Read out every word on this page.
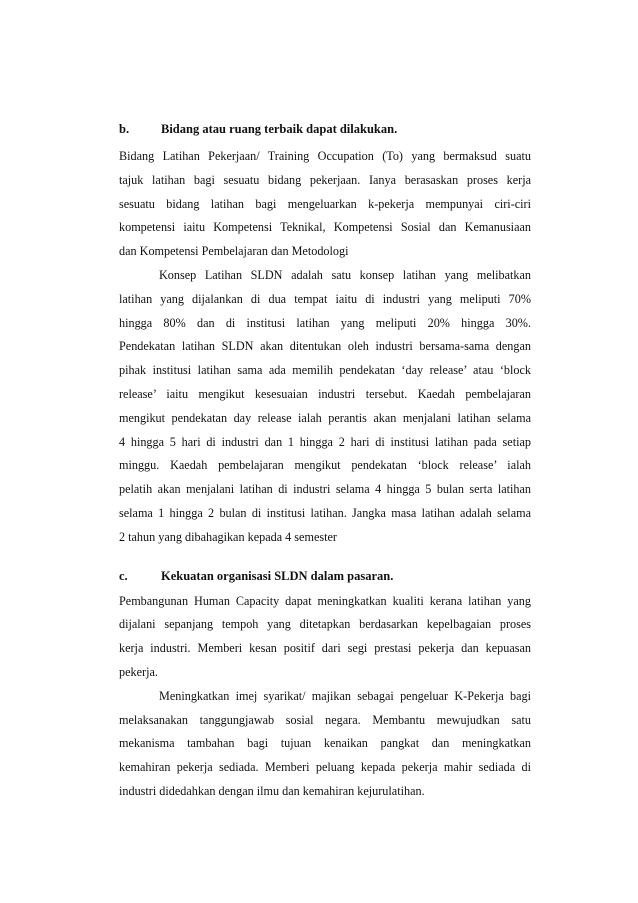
b.	Bidang atau ruang terbaik dapat dilakukan.
Bidang Latihan Pekerjaan/ Training Occupation (To) yang bermaksud suatu
tajuk latihan bagi sesuatu bidang pekerjaan. Ianya berasaskan proses kerja
sesuatu bidang latihan bagi mengeluarkan k-pekerja mempunyai ciri-ciri
kompetensi iaitu Kompetensi Teknikal, Kompetensi Sosial dan Kemanusiaan
dan Kompetensi Pembelajaran dan Metodologi
Konsep Latihan SLDN adalah satu konsep latihan yang melibatkan
latihan yang dijalankan di dua tempat iaitu di industri yang meliputi 70%
hingga 80% dan di institusi latihan yang meliputi 20% hingga 30%.
Pendekatan latihan SLDN akan ditentukan oleh industri bersama-sama dengan
pihak institusi latihan sama ada memilih pendekatan ‘day release’ atau ‘block
release’ iaitu mengikut kesesuaian industri tersebut. Kaedah pembelajaran
mengikut pendekatan day release ialah perantis akan menjalani latihan selama
4 hingga 5 hari di industri dan 1 hingga 2 hari di institusi latihan pada setiap
minggu. Kaedah pembelajaran mengikut pendekatan ‘block release’ ialah
pelatih akan menjalani latihan di industri selama 4 hingga 5 bulan serta latihan
selama 1 hingga 2 bulan di institusi latihan. Jangka masa latihan adalah selama
2 tahun yang dibahagikan kepada 4 semester
c.	Kekuatan organisasi SLDN dalam pasaran.
Pembangunan Human Capacity dapat meningkatkan kualiti kerana latihan yang
dijalani sepanjang tempoh yang ditetapkan berdasarkan kepelbagaian proses
kerja industri. Memberi kesan positif dari segi prestasi pekerja dan kepuasan
pekerja.
Meningkatkan imej syarikat/ majikan sebagai pengeluar K-Pekerja bagi
melaksanakan tanggungjawab sosial negara. Membantu mewujudkan satu
mekanisma tambahan bagi tujuan kenaikan pangkat dan meningkatkan
kemahiran pekerja sediada. Memberi peluang kepada pekerja mahir sediada di
industri didedahkan dengan ilmu dan kemahiran kejurulatihan.
